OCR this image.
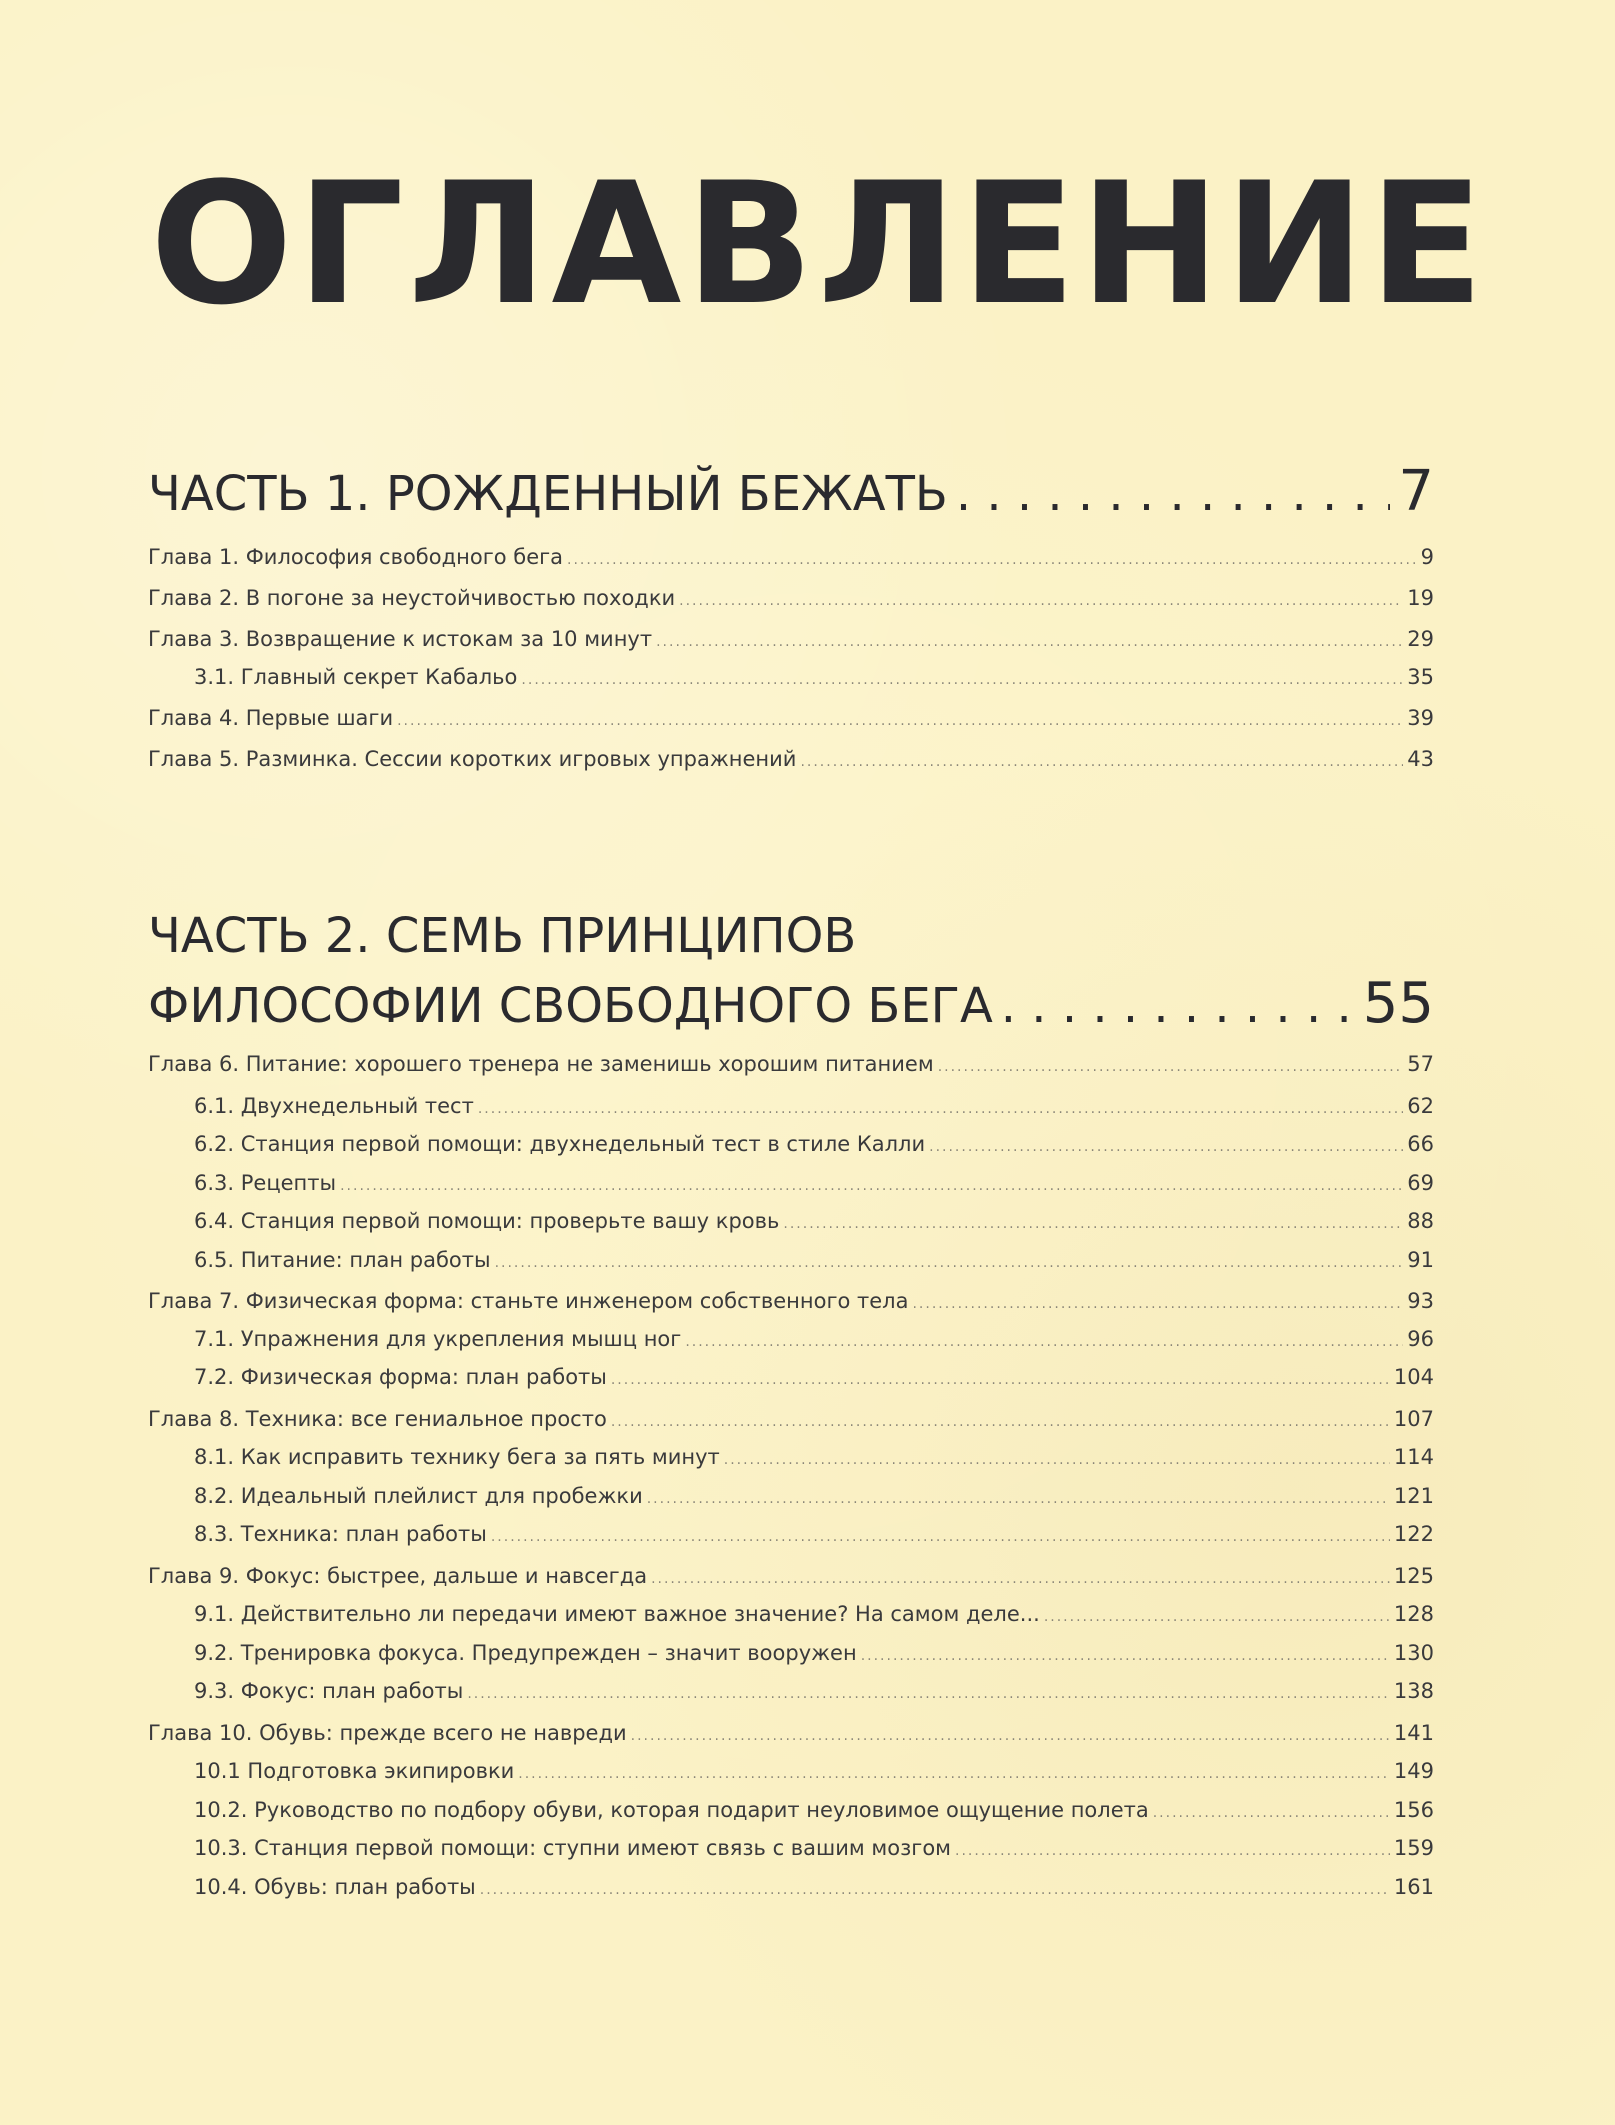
ОГЛАВЛЕНИЕ
ЧАСТЬ 1. РОЖДЕННЫЙ БЕЖАТЬ . . .	7
Глава 1. Философия свободного бега .....	9
Глава 2. В погоне за неустойчивостью походки .....	19
Глава 3. Возвращение к истокам за 10 минут .....	29
3.1. Главный секрет Кабальо .....	35
Глава 4. Первые шаги .....	39
Глава 5. Разминка. Сессии коротких игровых упражнений .....	43
ЧАСТЬ 2. СЕМЬ ПРИНЦИПОВ
ФИЛОСОФИИ СВОБОДНОГО БЕГА . . .	55
Глава 6. Питание: хорошего тренера не заменишь хорошим питанием .....	57
6.1. Двухнедельный тест .....	62
6.2. Станция первой помощи: двухнедельный тест в стиле Калли .....	66
6.3. Рецепты .....	69
6.4. Станция первой помощи: проверьте вашу кровь .....	88
6.5. Питание: план работы .....	91
Глава 7. Физическая форма: станьте инженером собственного тела .....	93
7.1. Упражнения для укрепления мышц ног .....	96
7.2. Физическая форма: план работы .....	104
Глава 8. Техника: все гениальное просто .....	107
8.1. Как исправить технику бега за пять минут .....	114
8.2. Идеальный плейлист для пробежки .....	121
8.3. Техника: план работы .....	122
Глава 9. Фокус: быстрее, дальше и навсегда .....	125
9.1. Действительно ли передачи имеют важное значение? На самом деле... .....	128
9.2. Тренировка фокуса. Предупрежден – значит вооружен .....	130
9.3. Фокус: план работы .....	138
Глава 10. Обувь: прежде всего не навреди .....	141
10.1 Подготовка экипировки .....	149
10.2. Руководство по подбору обуви, которая подарит неуловимое ощущение полета .....	156
10.3. Станция первой помощи: ступни имеют связь с вашим мозгом .....	159
10.4. Обувь: план работы .....	161
